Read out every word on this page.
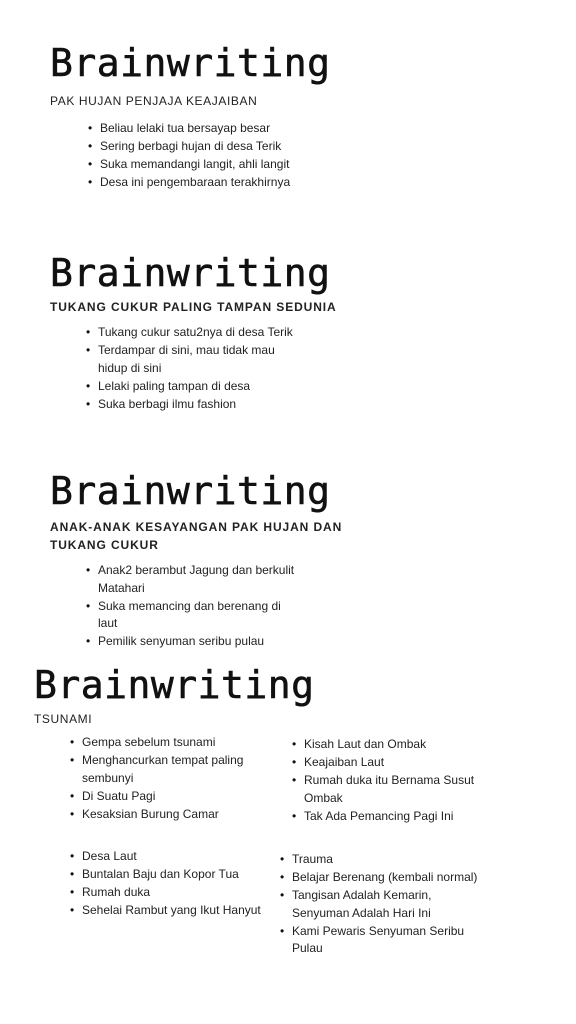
Brainwriting

PAK HUJAN PENJAJA KEAJAIBAN

• Beliau lelaki tua bersayap besar
• Sering berbagi hujan di desa Terik
• Suka memandangi langit, ahli langit
• Desa ini pengembaraan terakhirnya
Brainwriting

TUKANG CUKUR PALING TAMPAN SEDUNIA

• Tukang cukur satu2nya di desa Terik
• Terdampar di sini, mau tidak mau hidup di sini
• Lelaki paling tampan di desa
• Suka berbagi ilmu fashion
Brainwriting

ANAK-ANAK KESAYANGAN PAK HUJAN DAN TUKANG CUKUR

• Anak2 berambut Jagung dan berkulit Matahari
• Suka memancing dan berenang di laut
• Pemilik senyuman seribu pulau
Brainwriting

TSUNAMI

• Gempa sebelum tsunami
• Menghancurkan tempat paling sembunyi
• Di Suatu Pagi
• Kesaksian Burung Camar
• Kisah Laut dan Ombak
• Keajaiban Laut
• Rumah duka itu Bernama Susut Ombak
• Tak Ada Pemancing Pagi Ini
• Desa Laut
• Buntalan Baju dan Kopor Tua
• Rumah duka
• Sehelai Rambut yang Ikut Hanyut
• Trauma
• Belajar Berenang (kembali normal)
• Tangisan Adalah Kemarin, Senyuman Adalah Hari Ini
• Kami Pewaris Senyuman Seribu Pulau
